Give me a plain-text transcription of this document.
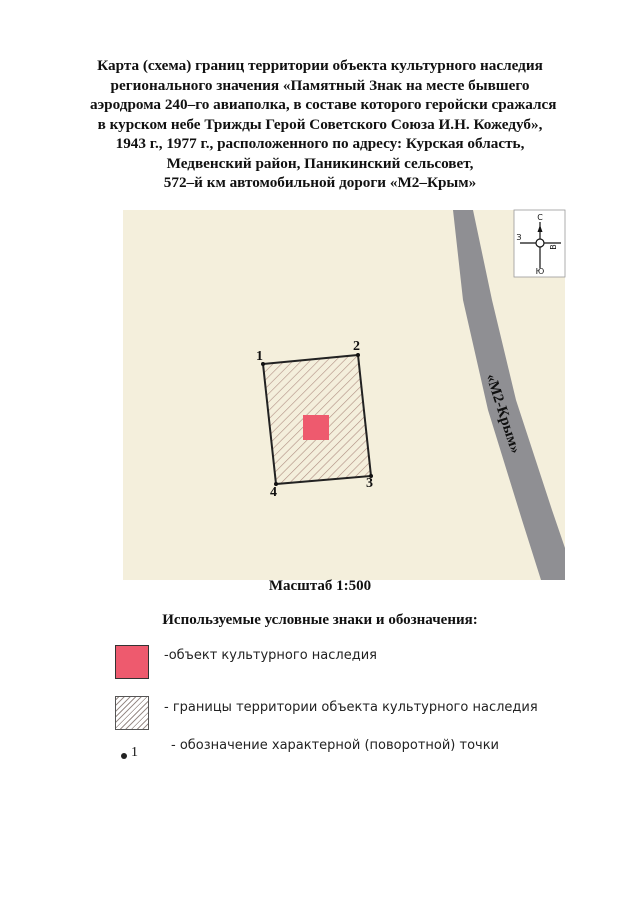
Карта (схема) границ территории объекта культурного наследия
регионального значения «Памятный Знак на месте бывшего
аэродрома 240–го авиаполка, в составе которого геройски сражался
в курском небе Трижды Герой Советского Союза И.Н. Кожедуб»,
1943 г., 1977 г., расположенного по адресу: Курская область,
Медвенский район, Паникинский сельсовет,
572–й км автомобильной дороги «М2–Крым»
«М2-Крым»
1
2
3
4
С
З
В
Ю
Масштаб 1:500
Используемые условные знаки и обозначения:
-объект культурного наследия
- границы территории объекта культурного наследия
1	- обозначение характерной (поворотной) точки
